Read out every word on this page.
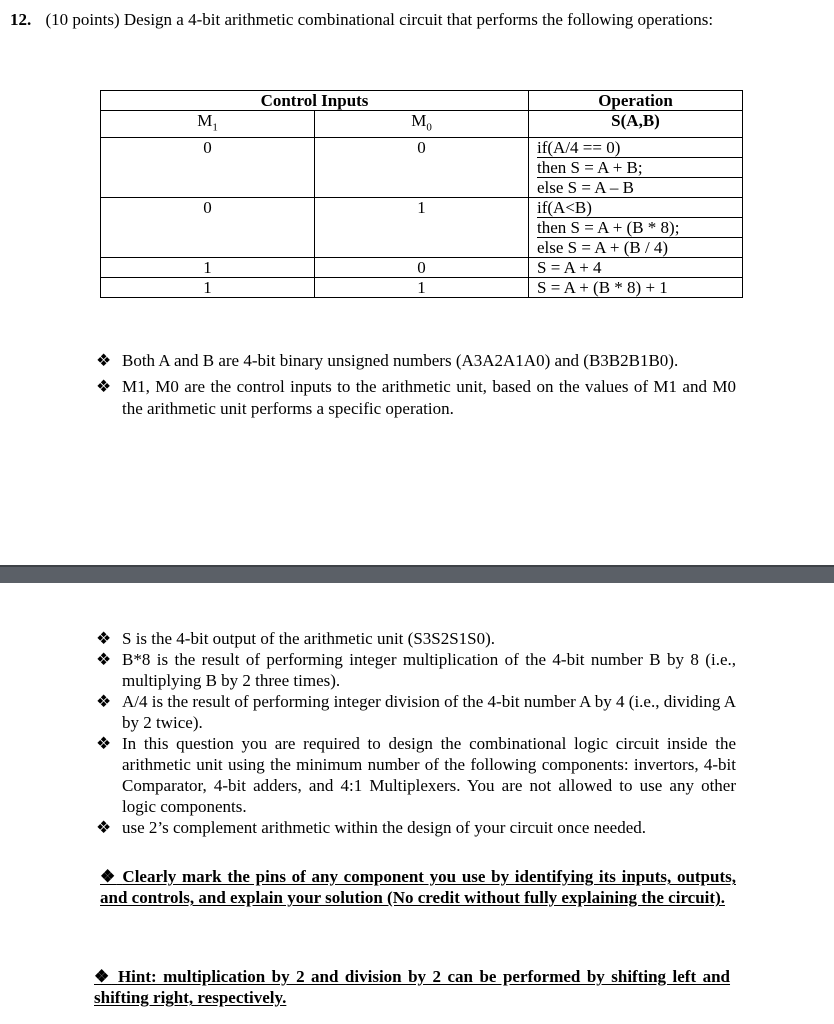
12. (10 points) Design a 4-bit arithmetic combinational circuit that performs the following operations:
Control Inputs		Operation
$M_1$	$M_0$	S(A,B)
0	0	if(A/4 == 0)
then S = A + B;
else S = A – B

0	1	if(A<B)
then S = A + (B * 8);
else S = A + (B / 4)

1	0	S = A + 4
1	1	S = A + (B * 8) + 1
❖ Both A and B are 4-bit binary unsigned numbers (A3A2A1A0) and (B3B2B1B0).
❖ M1, M0 are the control inputs to the arithmetic unit, based on the values of M1 and M0 the arithmetic unit performs a specific operation.
❖ S is the 4-bit output of the arithmetic unit (S3S2S1S0).
❖ B*8 is the result of performing integer multiplication of the 4-bit number B by 8 (i.e., multiplying B by 2 three times).
❖ A/4 is the result of performing integer division of the 4-bit number A by 4 (i.e., dividing A by 2 twice).
❖ In this question you are required to design the combinational logic circuit inside the arithmetic unit using the minimum number of the following components: invertors, 4-bit Comparator, 4-bit adders, and 4:1 Multiplexers. You are not allowed to use any other logic components.
❖ use 2’s complement arithmetic within the design of your circuit once needed.
❖ Clearly mark the pins of any component you use by identifying its inputs, outputs, and controls, and explain your solution (No credit without fully explaining the circuit).
❖ Hint: multiplication by 2 and division by 2 can be performed by shifting left and shifting right, respectively.
